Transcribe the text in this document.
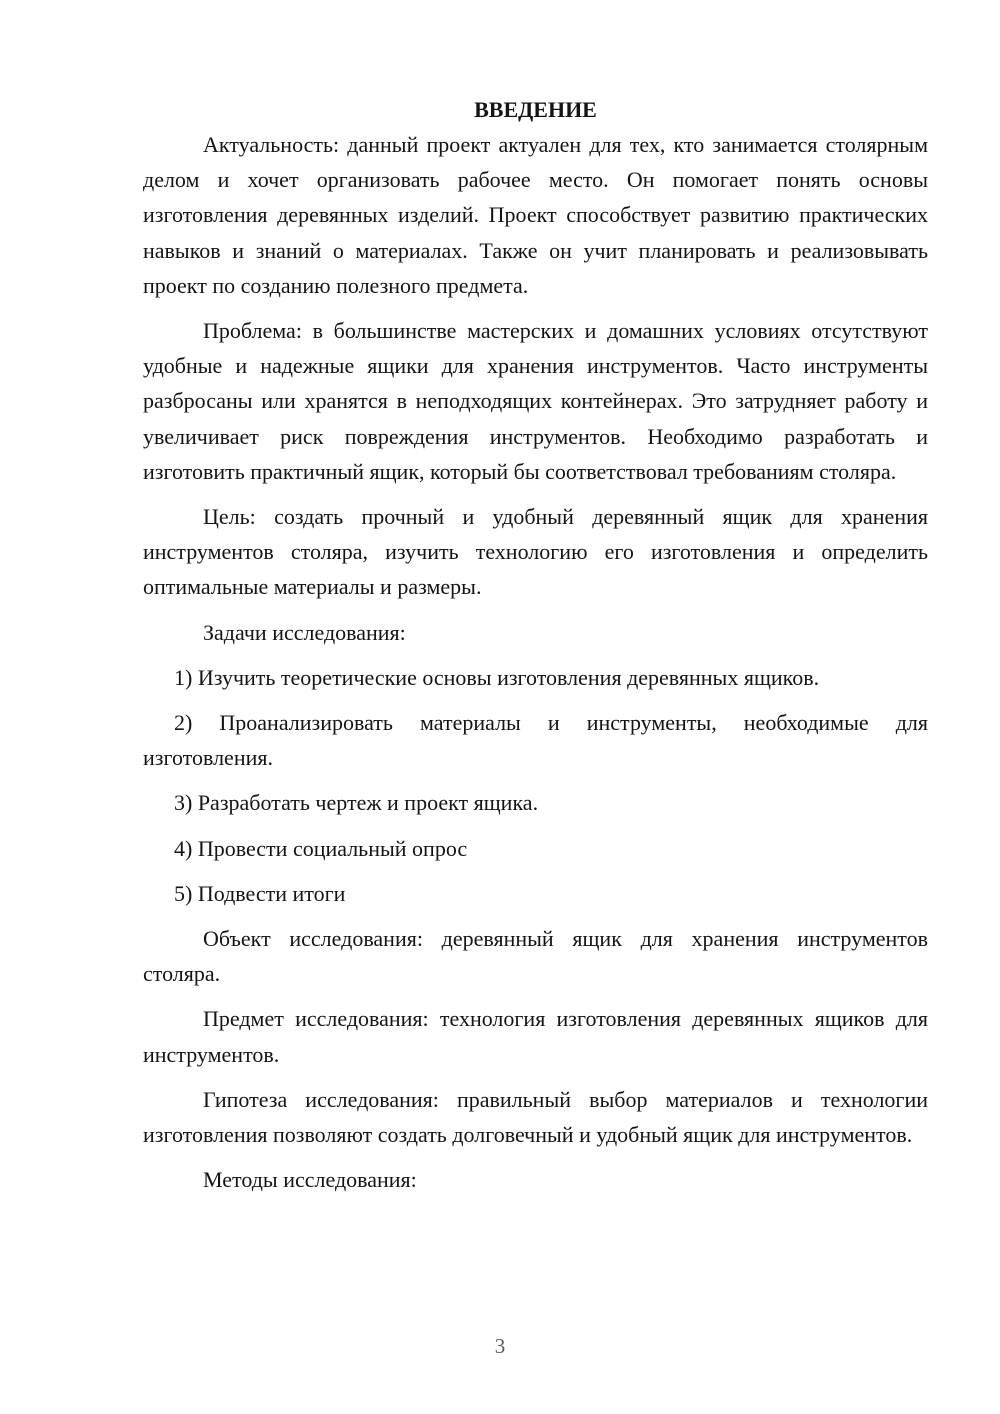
ВВЕДЕНИЕ

Актуальность: данный проект актуален для тех, кто занимается столярным делом и хочет организовать рабочее место. Он помогает понять основы изготовления деревянных изделий. Проект способствует развитию практических навыков и знаний о материалах. Также он учит планировать и реализовывать проект по созданию полезного предмета.

Проблема: в большинстве мастерских и домашних условиях отсутствуют удобные и надежные ящики для хранения инструментов. Часто инструменты разбросаны или хранятся в неподходящих контейнерах. Это затрудняет работу и увеличивает риск повреждения инструментов. Необходимо разработать и изготовить практичный ящик, который бы соответствовал требованиям столяра.

Цель: создать прочный и удобный деревянный ящик для хранения инструментов столяра, изучить технологию его изготовления и определить оптимальные материалы и размеры.

Задачи исследования:

1) Изучить теоретические основы изготовления деревянных ящиков.

2) Проанализировать материалы и инструменты, необходимые для изготовления.

3) Разработать чертеж и проект ящика.

4) Провести социальный опрос

5) Подвести итоги

Объект исследования: деревянный ящик для хранения инструментов столяра.

Предмет исследования: технология изготовления деревянных ящиков для инструментов.

Гипотеза исследования: правильный выбор материалов и технологии изготовления позволяют создать долговечный и удобный ящик для инструментов.

Методы исследования:

3
